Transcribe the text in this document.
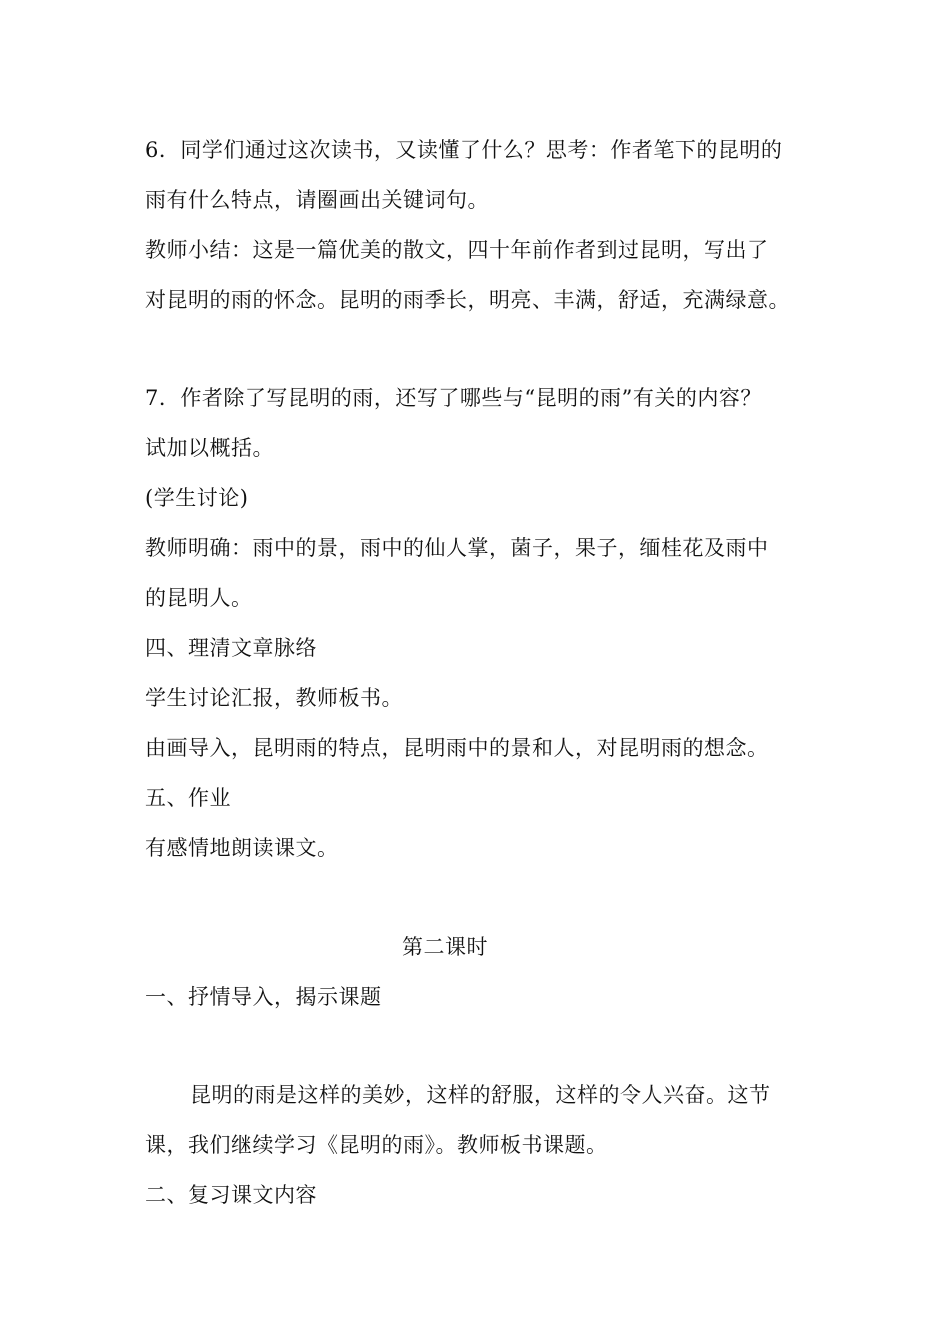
6．同学们通过这次读书，又读懂了什么？思考：作者笔下的昆明的
雨有什么特点，请圈画出关键词句。
教师小结：这是一篇优美的散文，四十年前作者到过昆明，写出了
对昆明的雨的怀念。昆明的雨季长，明亮、丰满，舒适，充满绿意。
7．作者除了写昆明的雨，还写了哪些与“昆明的雨”有关的内容？
试加以概括。
(学生讨论)
教师明确：雨中的景，雨中的仙人掌，菌子，果子，缅桂花及雨中
的昆明人。
四、理清文章脉络
学生讨论汇报，教师板书。
由画导入，昆明雨的特点，昆明雨中的景和人，对昆明雨的想念。
五、作业
有感情地朗读课文。
第二课时
一、抒情导入，揭示课题
昆明的雨是这样的美妙，这样的舒服，这样的令人兴奋。这节
课，我们继续学习《昆明的雨》。教师板书课题。
二、复习课文内容
